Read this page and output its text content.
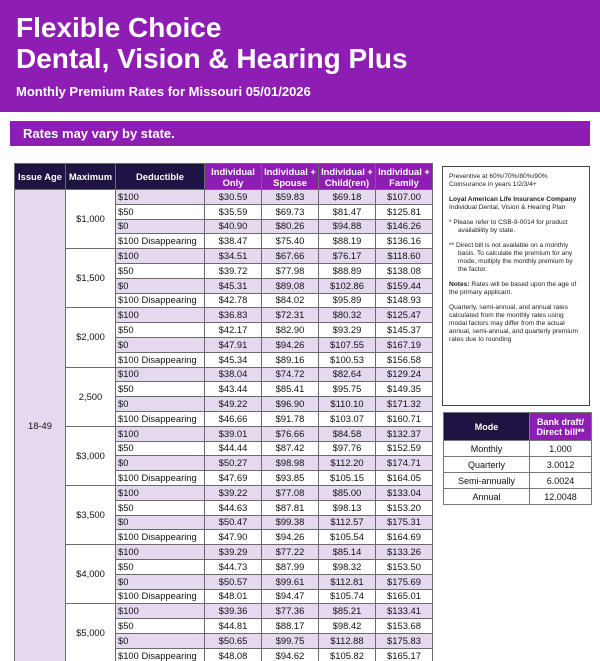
Flexible Choice
Dental, Vision & Hearing Plus
Monthly Premium Rates for Missouri 05/01/2026
Rates may vary by state.
Issue Age	Maximum	Deductible	Individual Only	Individual + Spouse	Individual + Child(ren)	Individual + Family
18-49	$1,000	$100	$30.59	$59.83	$69.18	$107.00
		$50	$35.59	$69.73	$81.47	$125.81
		$0	$40.90	$80.26	$94.88	$146.26
		$100 Disappearing	$38.47	$75.40	$88.19	$136.16
	$1,500	$100	$34.51	$67.66	$76.17	$118.60
		$50	$39.72	$77.98	$88.89	$138.08
		$0	$45.31	$89.08	$102.86	$159.44
		$100 Disappearing	$42.78	$84.02	$95.89	$148.93
	$2,000	$100	$36.83	$72.31	$80.32	$125.47
		$50	$42.17	$82.90	$93.29	$145.37
		$0	$47.91	$94.26	$107.55	$167.19
		$100 Disappearing	$45.34	$89.16	$100.53	$156.58
	2,500	$100	$38.04	$74.72	$82.64	$129.24
		$50	$43.44	$85.41	$95.75	$149.35
		$0	$49.22	$96.90	$110.10	$171.32
		$100 Disappearing	$46.66	$91.78	$103.07	$160.71
	$3,000	$100	$39.01	$76.66	$84.58	$132.37
		$50	$44.44	$87.42	$97.76	$152.59
		$0	$50.27	$98.98	$112.20	$174.71
		$100 Disappearing	$47.69	$93.85	$105.15	$164.05
	$3,500	$100	$39.22	$77.08	$85.00	$133.04
		$50	$44.63	$87.81	$98.13	$153.20
		$0	$50.47	$99.38	$112.57	$175.31
		$100 Disappearing	$47.90	$94.26	$105.54	$164.69
	$4,000	$100	$39.29	$77.22	$85.14	$133.26
		$50	$44.73	$87.99	$98.32	$153.50
		$0	$50.57	$99.61	$112.81	$175.69
		$100 Disappearing	$48.01	$94.47	$105.74	$165.01
	$5,000	$100	$39.36	$77.36	$85.21	$133.41
		$50	$44.81	$88.17	$98.42	$153.68
		$0	$50.65	$99.75	$112.88	$175.83
		$100 Disappearing	$48.08	$94.62	$105.82	$165.17

Preventive at 60%/70%/80%/90%
Coinsurance in years 1/2/3/4+

Loyal American Life Insurance Company
Individual Dental, Vision & Hearing Plan

* Please refer to CSB-9-0014 for product availability by state.

** Direct bill is not available on a monthly basis. To calculate the premium for any mode, multiply the monthly premium by the factor.

Notes: Rates will be based upon the age of the primary applicant.

Quarterly, semi-annual, and annual rates calculated from the monthly rates using modal factors may differ from the actual annual, semi-annual, and quarterly premium rates due to rounding

Mode	Bank draft/ Direct bill**
Monthly	1.000
Quarterly	3.0012
Semi-annually	6.0024
Annual	12.0048
